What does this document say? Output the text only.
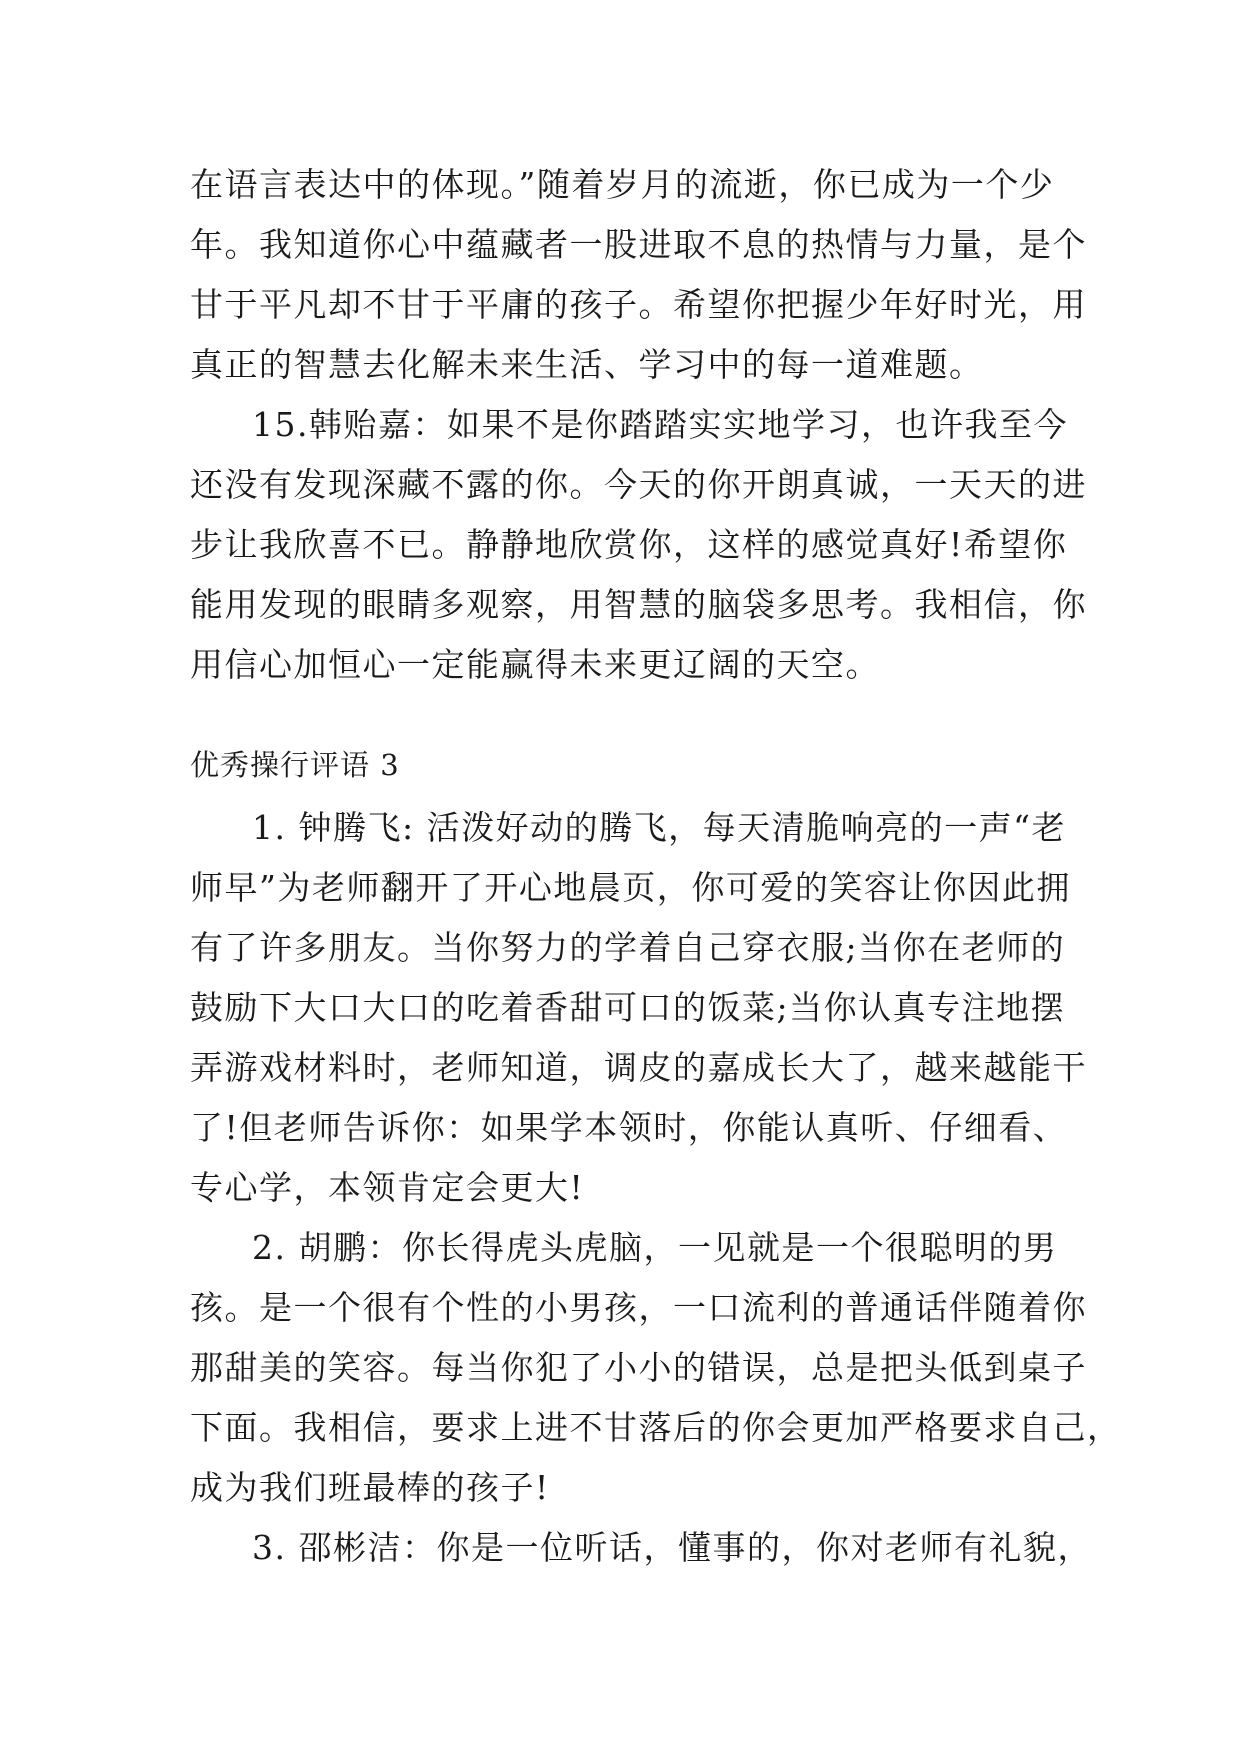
在语言表达中的体现。”随着岁月的流逝，你已成为一个少
年。我知道你心中蕴藏者一股进取不息的热情与力量，是个
甘于平凡却不甘于平庸的孩子。希望你把握少年好时光，用
真正的智慧去化解未来生活、学习中的每一道难题。
15.韩贻嘉：如果不是你踏踏实实地学习，也许我至今
还没有发现深藏不露的你。今天的你开朗真诚，一天天的进
步让我欣喜不已。静静地欣赏你，这样的感觉真好!希望你
能用发现的眼睛多观察，用智慧的脑袋多思考。我相信，你
用信心加恒心一定能赢得未来更辽阔的天空。
优秀操行评语 3
1. 钟腾飞: 活泼好动的腾飞，每天清脆响亮的一声“老
师早”为老师翻开了开心地晨页，你可爱的笑容让你因此拥
有了许多朋友。当你努力的学着自己穿衣服;当你在老师的
鼓励下大口大口的吃着香甜可口的饭菜;当你认真专注地摆
弄游戏材料时，老师知道，调皮的嘉成长大了，越来越能干
了!但老师告诉你：如果学本领时，你能认真听、仔细看、
专心学，本领肯定会更大!
2. 胡鹏：你长得虎头虎脑，一见就是一个很聪明的男
孩。是一个很有个性的小男孩，一口流利的普通话伴随着你
那甜美的笑容。每当你犯了小小的错误，总是把头低到桌子
下面。我相信，要求上进不甘落后的你会更加严格要求自己，
成为我们班最棒的孩子!
3. 邵彬洁：你是一位听话，懂事的，你对老师有礼貌，
